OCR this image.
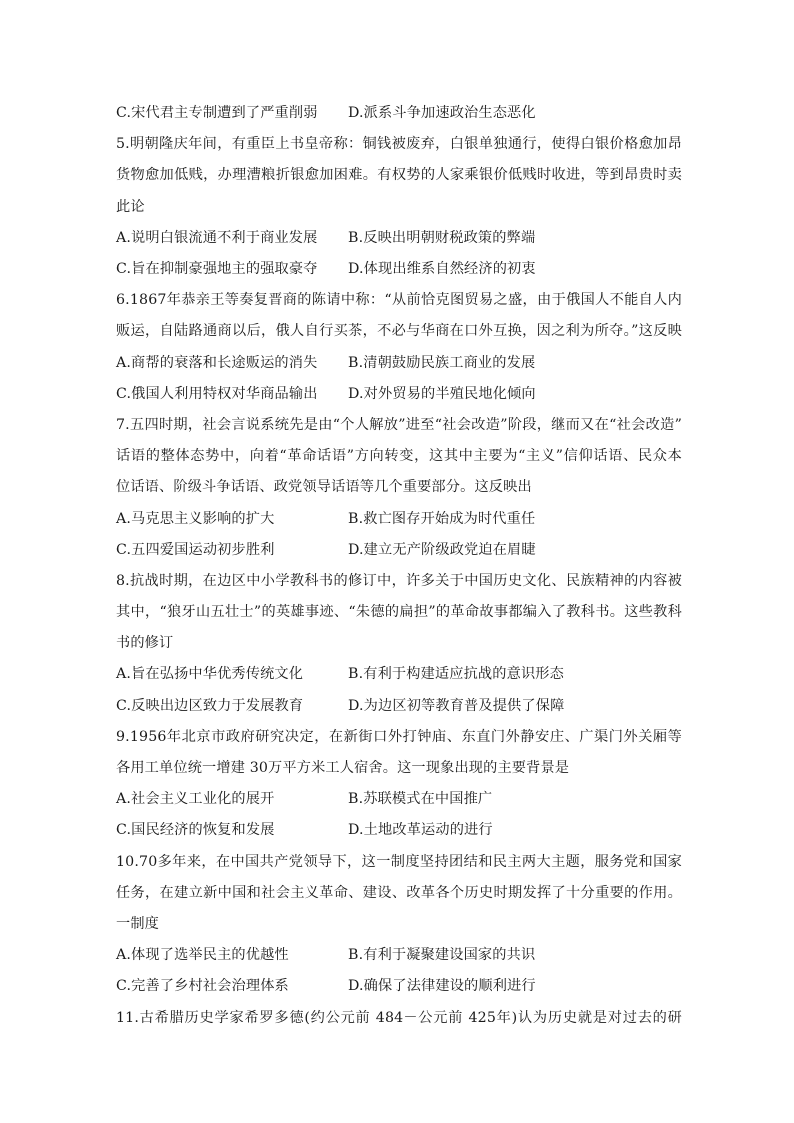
C.宋代君主专制遭到了严重削弱	D.派系斗争加速政治生态恶化
5.明朝隆庆年间，有重臣上书皇帝称：铜钱被废弃，白银单独通行，使得白银价格愈加昂
货物愈加低贱，办理漕粮折银愈加困难。有权势的人家乘银价低贱时收进，等到昂贵时卖
此论
A.说明白银流通不利于商业发展	B.反映出明朝财税政策的弊端
C.旨在抑制豪强地主的强取豪夺	D.体现出维系自然经济的初衷
6.1867年恭亲王等奏复晋商的陈请中称：“从前恰克图贸易之盛，由于俄国人不能自人内
贩运，自陆路通商以后，俄人自行买茶，不必与华商在口外互换，因之利为所夺。”这反映
A.商帮的衰落和长途贩运的消失	B.清朝鼓励民族工商业的发展
C.俄国人利用特权对华商品输出	D.对外贸易的半殖民地化倾向
7.五四时期，社会言说系统先是由“个人解放”进至“社会改造”阶段，继而又在“社会改造”
话语的整体态势中，向着“革命话语”方向转变，这其中主要为“主义”信仰话语、民众本
位话语、阶级斗争话语、政党领导话语等几个重要部分。这反映出
A.马克思主义影响的扩大	B.救亡图存开始成为时代重任
C.五四爱国运动初步胜利	D.建立无产阶级政党迫在眉睫
8.抗战时期，在边区中小学教科书的修订中，许多关于中国历史文化、民族精神的内容被
其中，“狼牙山五壮士”的英雄事迹、“朱德的扁担”的革命故事都编入了教科书。这些教科
书的修订
A.旨在弘扬中华优秀传统文化	B.有利于构建适应抗战的意识形态
C.反映出边区致力于发展教育	D.为边区初等教育普及提供了保障
9.1956年北京市政府研究决定，在新街口外打钟庙、东直门外静安庄、广渠门外关厢等
各用工单位统一增建 30万平方米工人宿舍。这一现象出现的主要背景是
A.社会主义工业化的展开	B.苏联模式在中国推广
C.国民经济的恢复和发展	D.土地改革运动的进行
10.70多年来，在中国共产党领导下，这一制度坚持团结和民主两大主题，服务党和国家
任务，在建立新中国和社会主义革命、建设、改革各个历史时期发挥了十分重要的作用。
一制度
A.体现了选举民主的优越性	B.有利于凝聚建设国家的共识
C.完善了乡村社会治理体系	D.确保了法律建设的顺利进行
11.古希腊历史学家希罗多德(约公元前 484－公元前 425年)认为历史就是对过去的研
